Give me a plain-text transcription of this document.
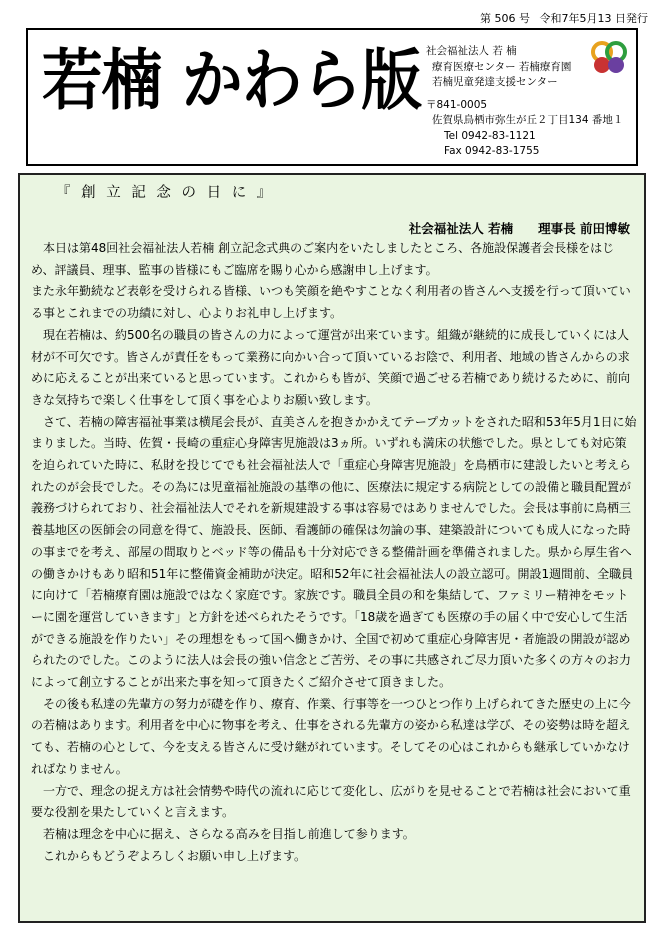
第 506 号 令和7年5月13 日発行
若楠 かわら版 社会福祉法人 若 楠
療育医療センター 若楠療育園
若楠児童発達支援センター
〒841-0005
佐賀県鳥栖市弥生が丘２丁目134 番地１
Tel 0942-83-1121
Fax 0942-83-1755
『 創 立 記 念 の 日 に 』
社会福祉法人 若楠　　理事長 前田博敏

本日は第48回社会福祉法人若楠 創立記念式典のご案内をいたしましたところ、各施設保護者会長様をはじめ、評議員、理事、監事の皆様にもご臨席を賜り心から感謝申し上げます。

また永年勤続など表彰を受けられる皆様、いつも笑顔を絶やすことなく利用者の皆さんへ支援を行って頂いている事とこれまでの功績に対し、心よりお礼申し上げます。

現在若楠は、約500名の職員の皆さんの力によって運営が出来ています。組織が継続的に成長していくには人材が不可欠です。皆さんが責任をもって業務に向かい合って頂いているお陰で、利用者、地域の皆さんからの求めに応えることが出来ていると思っています。これからも皆が、笑顔で過ごせる若楠であり続けるために、前向きな気持ちで楽しく仕事をして頂く事を心よりお願い致します。

さて、若楠の障害福祉事業は横尾会長が、直美さんを抱きかかえてテープカットをされた昭和53年5月1日に始まりました。当時、佐賀・長崎の重症心身障害児施設は3ヵ所。いずれも満床の状態でした。県としても対応策を迫られていた時に、私財を投じてでも社会福祉法人で「重症心身障害児施設」を鳥栖市に建設したいと考えられたのが会長でした。その為には児童福祉施設の基準の他に、医療法に規定する病院としての設備と職員配置が義務づけられており、社会福祉法人でそれを新規建設する事は容易ではありませんでした。会長は事前に鳥栖三養基地区の医師会の同意を得て、施設長、医師、看護師の確保は勿論の事、建築設計についても成人になった時の事までを考え、部屋の間取りとベッド等の備品も十分対応できる整備計画を準備されました。県から厚生省への働きかけもあり昭和51年に整備資金補助が決定。昭和52年に社会福祉法人の設立認可。開設1週間前、全職員に向けて「若楠療育園は施設ではなく家庭です。家族です。職員全員の和を集結して、ファミリー精神をモットーに園を運営していきます」と方針を述べられたそうです。「18歳を過ぎても医療の手の届く中で安心して生活ができる施設を作りたい」その理想をもって国へ働きかけ、全国で初めて重症心身障害児・者施設の開設が認められたのでした。このように法人は会長の強い信念とご苦労、その事に共感されご尽力頂いた多くの方々のお力によって創立することが出来た事を知って頂きたくご紹介させて頂きました。

その後も私達の先輩方の努力が礎を作り、療育、作業、行事等を一つひとつ作り上げられてきた歴史の上に今の若楠はあります。利用者を中心に物事を考え、仕事をされる先輩方の姿から私達は学び、その姿勢は時を超えても、若楠の心として、今を支える皆さんに受け継がれています。そしてその心はこれからも継承していかなければなりません。

一方で、理念の捉え方は社会情勢や時代の流れに応じて変化し、広がりを見せることで若楠は社会において重要な役割を果たしていくと言えます。

若楠は理念を中心に据え、さらなる高みを目指し前進して参ります。

これからもどうぞよろしくお願い申し上げます。
